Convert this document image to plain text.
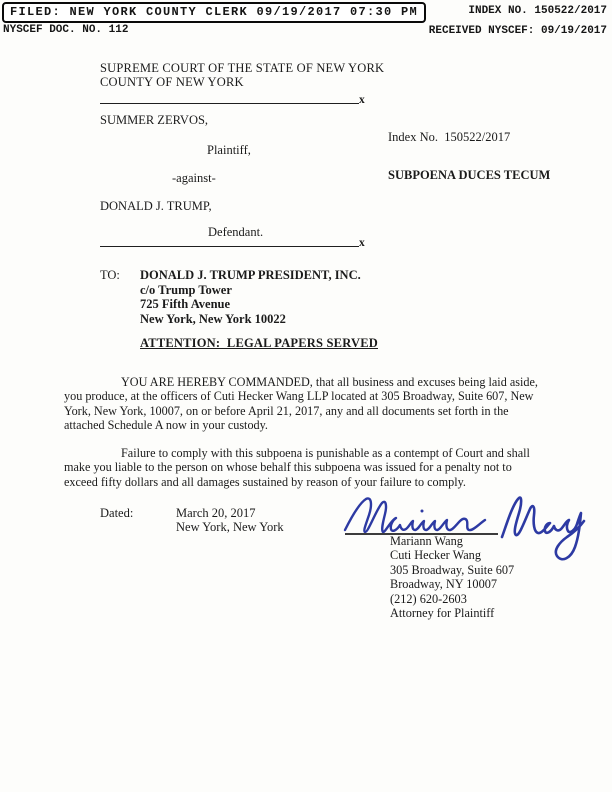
FILED: NEW YORK COUNTY CLERK 09/19/2017 07:30 PM	INDEX NO. 150522/2017
NYSCEF DOC. NO. 112	RECEIVED NYSCEF: 09/19/2017
SUPREME COURT OF THE STATE OF NEW YORK
COUNTY OF NEW YORK
x
SUMMER ZERVOS,
Index No.  150522/2017
Plaintiff,
-against-	SUBPOENA DUCES TECUM
DONALD J. TRUMP,
Defendant.
x
TO: DONALD J. TRUMP PRESIDENT, INC.
c/o Trump Tower
725 Fifth Avenue
New York, New York 10022
ATTENTION:  LEGAL PAPERS SERVED
YOU ARE HEREBY COMMANDED, that all business and excuses being laid aside,
you produce, at the officers of Cuti Hecker Wang LLP located at 305 Broadway, Suite 607, New
York, New York, 10007, on or before April 21, 2017, any and all documents set forth in the
attached Schedule A now in your custody.
Failure to comply with this subpoena is punishable as a contempt of Court and shall
make you liable to the person on whose behalf this subpoena was issued for a penalty not to
exceed fifty dollars and all damages sustained by reason of your failure to comply.
Dated:	March 20, 2017
New York, New York
Mariann Wang
Cuti Hecker Wang
305 Broadway, Suite 607
Broadway, NY 10007
(212) 620-2603
Attorney for Plaintiff
